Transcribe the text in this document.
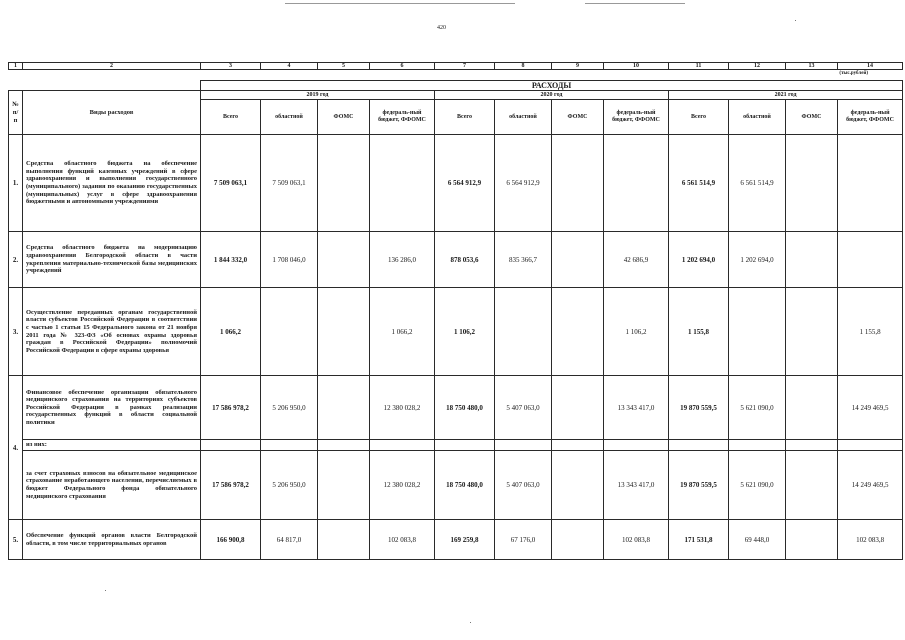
420
1	2	3	4	5	6	7	8	9	10	11	12	13	14
(тыс.рублей)
		РАСХОДЫ											
№ п/п	Виды расходов	2019 год				2020 год				2021 год			
		Всего	областной	ФОМС	федераль-ный бюджет, ФФОМС	Всего	областной	ФОМС	федераль-ный бюджет, ФФОМС	Всего	областной	ФОМС	федераль-ный бюджет, ФФОМС
1.	Средства областного бюджета на обеспечение выполнения функций казенных учреждений в сфере здравоохранения и выполнения государственного (муниципального) задания по оказанию государственных (муниципальных) услуг в сфере здравоохранения бюджетными и автономными учреждениями	7 509 063,1	7 509 063,1			6 564 912,9	6 564 912,9			6 561 514,9	6 561 514,9		
2.	Средства областного бюджета на модернизацию здравоохранения Белгородской области в части укрепления материально-технической базы медицинских учреждений	1 844 332,0	1 708 046,0		136 286,0	878 053,6	835 366,7		42 686,9	1 202 694,0	1 202 694,0		
3.	Осуществление переданных органам государственной власти субъектов Российской Федерации в соответствии с частью 1 статьи 15 Федерального закона от 21 ноября 2011 года № 323-ФЗ «Об основах охраны здоровья граждан в Российской Федерации» полномочий Российской Федерации в сфере охраны здоровья	1 066,2			1 066,2	1 106,2			1 106,2	1 155,8			1 155,8
4.	Финансовое обеспечение организации обязательного медицинского страхования на территориях субъектов Российской Федерации в рамках реализации государственных функций в области социальной политики	17 586 978,2	5 206 950,0		12 380 028,2	18 750 480,0	5 407 063,0		13 343 417,0	19 870 559,5	5 621 090,0		14 249 469,5
	из них:												
	за счет страховых взносов на обязательное медицинское страхование неработающего населения, перечисляемых в бюджет Федерального фонда обязательного медицинского страхования	17 586 978,2	5 206 950,0		12 380 028,2	18 750 480,0	5 407 063,0		13 343 417,0	19 870 559,5	5 621 090,0		14 249 469,5
5.	Обеспечение функций органов власти Белгородской области, в том числе территориальных органов	166 900,8	64 817,0		102 083,8	169 259,8	67 176,0		102 083,8	171 531,8	69 448,0		102 083,8
